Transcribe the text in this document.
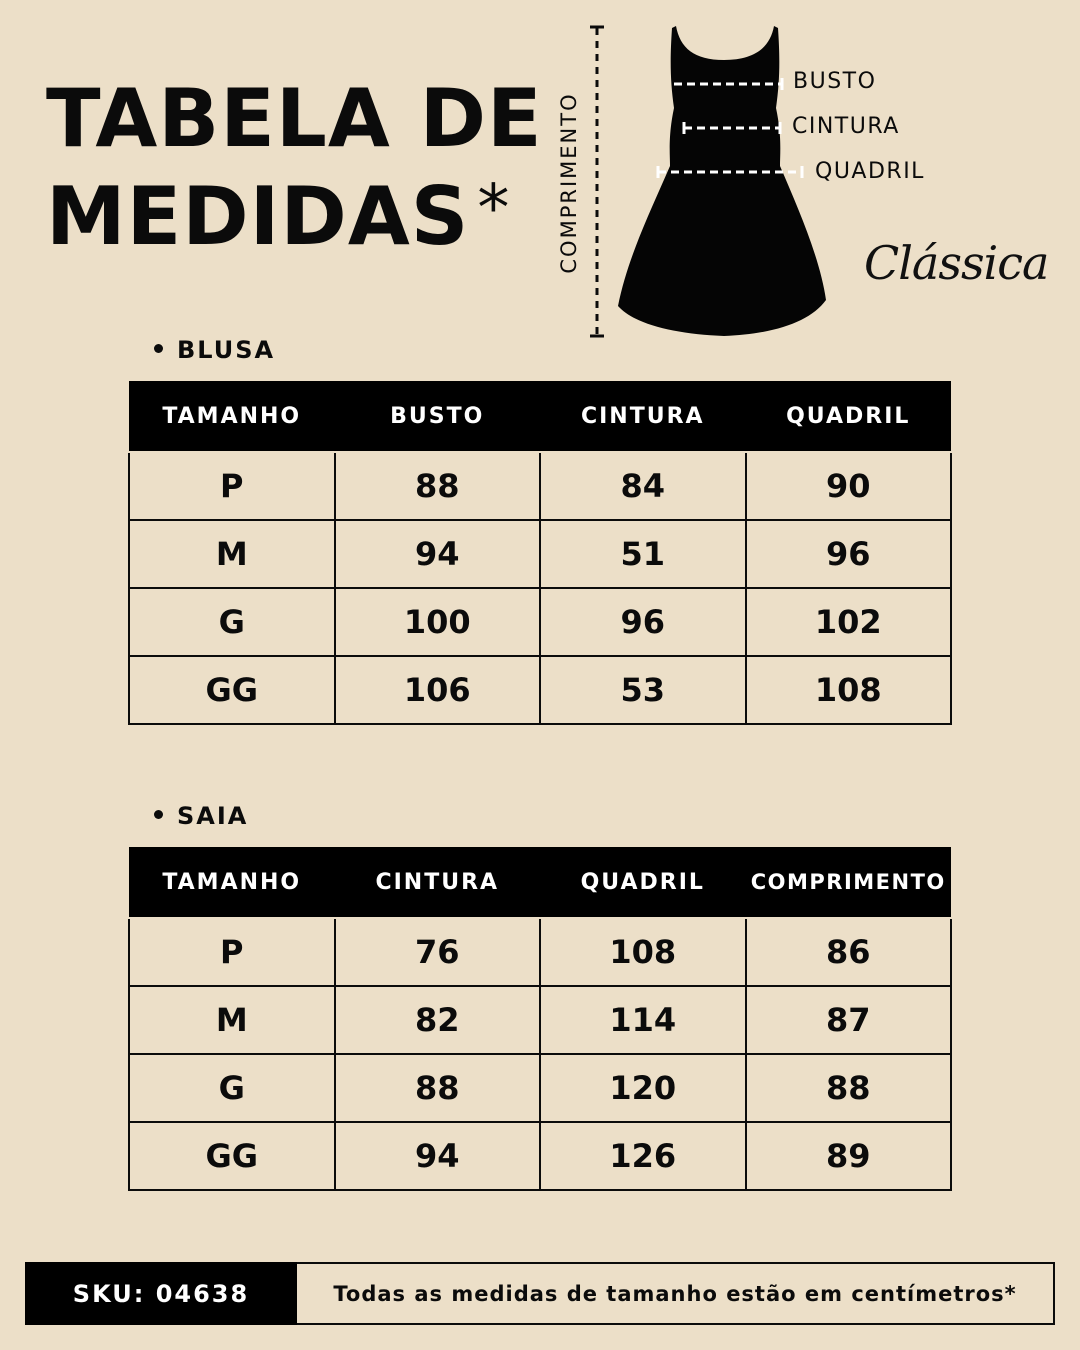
TABELA DE
MEDIDAS *
BUSTO
CINTURA
QUADRIL
COMPRIMENTO	Clássica
BLUSA
TAMANHO	BUSTO	CINTURA	QUADRIL
P	88	84	90
M	94	51	96
G	100	96	102
GG	106	53	108
SAIA
TAMANHO	CINTURA	QUADRIL	COMPRIMENTO
P	76	108	86
M	82	114	87
G	88	120	88
GG	94	126	89
SKU: 04638	Todas as medidas de tamanho estão em centímetros*
